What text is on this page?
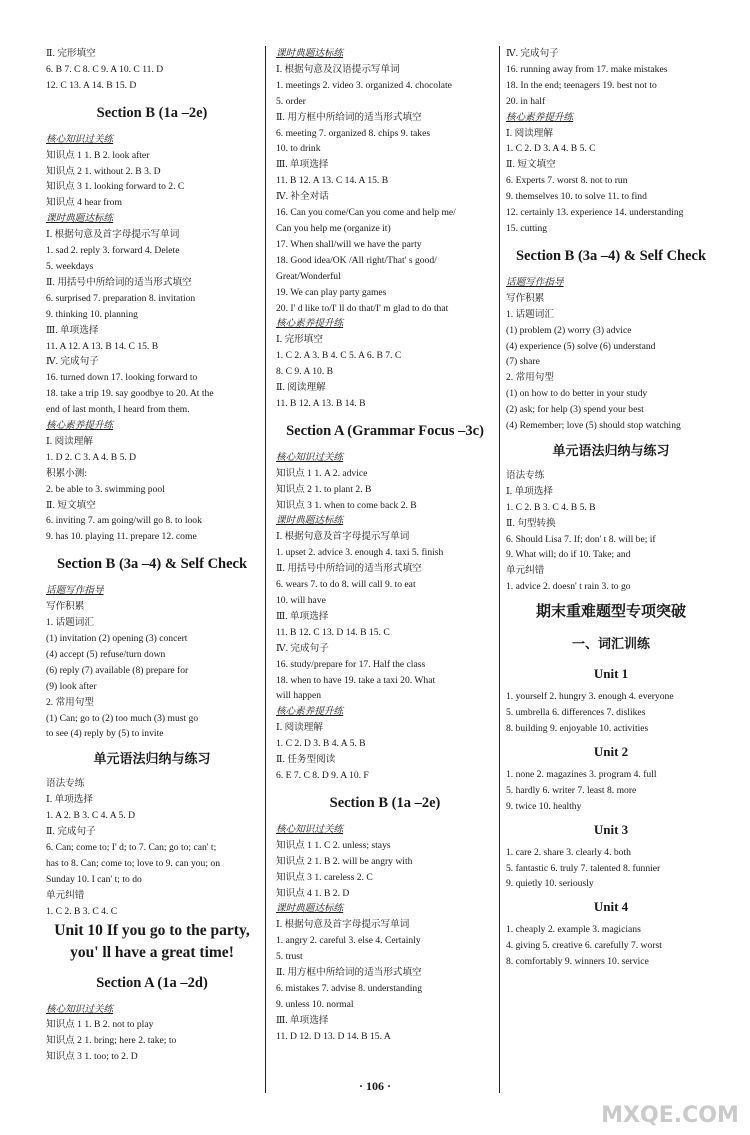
Ⅱ. 完形填空
6. B 7. C 8. C 9. A 10. C 11. D
12. C 13. A 14. B 15. D
Section B (1a –2e)
核心知识过关练
知识点 1 1. B 2. look after
知识点 2 1. without 2. B 3. D
知识点 3 1. looking forward to 2. C
知识点 4 hear from
课时典题达标练
Ⅰ. 根据句意及首字母提示写单词
1. sad 2. reply 3. forward 4. Delete
5. weekdays
Ⅱ. 用括号中所给词的适当形式填空
6. surprised 7. preparation 8. invitation
9. thinking 10. planning
Ⅲ. 单项选择
11. A 12. A 13. B 14. C 15. B
Ⅳ. 完成句子
16. turned down 17. looking forward to
18. take a trip 19. say goodbye to 20. At the
end of last month, I heard from them.
核心素养提升练
Ⅰ. 阅读理解
1. D 2. C 3. A 4. B 5. D
积累小测:
2. be able to 3. swimming pool
Ⅱ. 短文填空
6. inviting 7. am going/will go 8. to look
9. has 10. playing 11. prepare 12. come
Section B (3a –4) & Self Check
话题写作指导
写作积累
1. 话题词汇
(1) invitation (2) opening (3) concert
(4) accept (5) refuse/turn down
(6) reply (7) available (8) prepare for
(9) look after
2. 常用句型
(1) Can; go to (2) too much (3) must go
to see (4) reply by (5) to invite
单元语法归纳与练习
语法专练
Ⅰ. 单项选择
1. A 2. B 3. C 4. A 5. D
Ⅱ. 完成句子
6. Can; come to; I' d; to 7. Can; go to; can' t;
has to 8. Can; come to; love to 9. can you; on
Sunday 10. I can' t; to do
单元纠错
1. C 2. B 3. C 4. C
Unit 10 If you go to the party,
you' ll have a great time!
Section A (1a –2d)
核心知识过关练
知识点 1 1. B 2. not to play
知识点 2 1. bring; here 2. take; to
知识点 3 1. too; to 2. D
课时典题达标练
Ⅰ. 根据句意及汉语提示写单词
1. meetings 2. video 3. organized 4. chocolate
5. order
Ⅱ. 用方框中所给词的适当形式填空
6. meeting 7. organized 8. chips 9. takes
10. to drink
Ⅲ. 单项选择
11. B 12. A 13. C 14. A 15. B
Ⅳ. 补全对话
16. Can you come/Can you come and help me/
Can you help me (organize it)
17. When shall/will we have the party
18. Good idea/OK /All right/That' s good/
Great/Wonderful
19. We can play party games
20. I' d like to/I' ll do that/I' m glad to do that
核心素养提升练
Ⅰ. 完形填空
1. C 2. A 3. B 4. C 5. A 6. B 7. C
8. C 9. A 10. B
Ⅱ. 阅读理解
11. B 12. A 13. B 14. B
Section A (Grammar Focus –3c)
核心知识过关练
知识点 1 1. A 2. advice
知识点 2 1. to plant 2. B
知识点 3 1. when to come back 2. B
课时典题达标练
Ⅰ. 根据句意及首字母提示写单词
1. upset 2. advice 3. enough 4. taxi 5. finish
Ⅱ. 用括号中所给词的适当形式填空
6. wears 7. to do 8. will call 9. to eat
10. will have
Ⅲ. 单项选择
11. B 12. C 13. D 14. B 15. C
Ⅳ. 完成句子
16. study/prepare for 17. Half the class
18. when to have 19. take a taxi 20. What
will happen
核心素养提升练
Ⅰ. 阅读理解
1. C 2. D 3. B 4. A 5. B
Ⅱ. 任务型阅读
6. E 7. C 8. D 9. A 10. F
Section B (1a –2e)
核心知识过关练
知识点 1 1. C 2. unless; stays
知识点 2 1. B 2. will be angry with
知识点 3 1. careless 2. C
知识点 4 1. B 2. D
课时典题达标练
Ⅰ. 根据句意及首字母提示写单词
1. angry 2. careful 3. else 4. Certainly
5. trust
Ⅱ. 用方框中所给词的适当形式填空
6. mistakes 7. advise 8. understanding
9. unless 10. normal
Ⅲ. 单项选择
11. D 12. D 13. D 14. B 15. A
Ⅳ. 完成句子
16. running away from 17. make mistakes
18. In the end; teenagers 19. best not to
20. in half
核心素养提升练
Ⅰ. 阅读理解
1. C 2. D 3. A 4. B 5. C
Ⅱ. 短文填空
6. Experts 7. worst 8. not to run
9. themselves 10. to solve 11. to find
12. certainly 13. experience 14. understanding
15. cutting
Section B (3a –4) & Self Check
话题写作指导
写作积累
1. 话题词汇
(1) problem (2) worry (3) advice
(4) experience (5) solve (6) understand
(7) share
2. 常用句型
(1) on how to do better in your study
(2) ask; for help (3) spend your best
(4) Remember; love (5) should stop watching
单元语法归纳与练习
语法专练
Ⅰ. 单项选择
1. C 2. B 3. C 4. B 5. B
Ⅱ. 句型转换
6. Should Lisa 7. If; don' t 8. will be; if
9. What will; do if 10. Take; and
单元纠错
1. advice 2. doesn' t rain 3. to go
期末重难题型专项突破
一、词汇训练
Unit 1
1. yourself 2. hungry 3. enough 4. everyone
5. umbrella 6. differences 7. dislikes
8. building 9. enjoyable 10. activities
Unit 2
1. none 2. magazines 3. program 4. full
5. hardly 6. writer 7. least 8. more
9. twice 10. healthy
Unit 3
1. care 2. share 3. clearly 4. both
5. fantastic 6. truly 7. talented 8. funnier
9. quietly 10. seriously
Unit 4
1. cheaply 2. example 3. magicians
4. giving 5. creative 6. carefully 7. worst
8. comfortably 9. winners 10. service
· 106 ·
MXQE.COM
